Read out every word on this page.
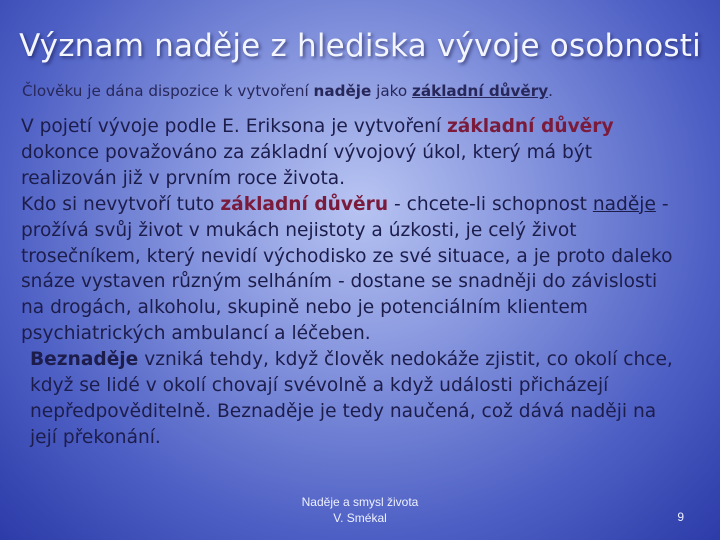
Význam naděje z hlediska vývoje osobnosti
Člověku je dána dispozice k vytvoření naděje jako základní důvěry.

V pojetí vývoje podle E. Eriksona je vytvoření základní důvěry dokonce považováno za základní vývojový úkol, který má být realizován již v prvním roce života.

Kdo si nevytvoří tuto základní důvěru - chcete-li schopnost naděje - prožívá svůj život v mukách nejistoty a úzkosti, je celý život trosečníkem, který nevidí východisko ze své situace, a je proto daleko snáze vystaven různým selháním - dostane se snadněji do závislosti na drogách, alkoholu, skupině nebo je potenciálním klientem psychiatrických ambulancí a léčeben.

Beznaděje vzniká tehdy, když člověk nedokáže zjistit, co okolí chce, když se lidé v okolí chovají svévolně a když události přicházejí nepředpověditelně. Beznaděje je tedy naučená, což dává naději na její překonání.

Naděje a smysl života
V. Smékal	9
